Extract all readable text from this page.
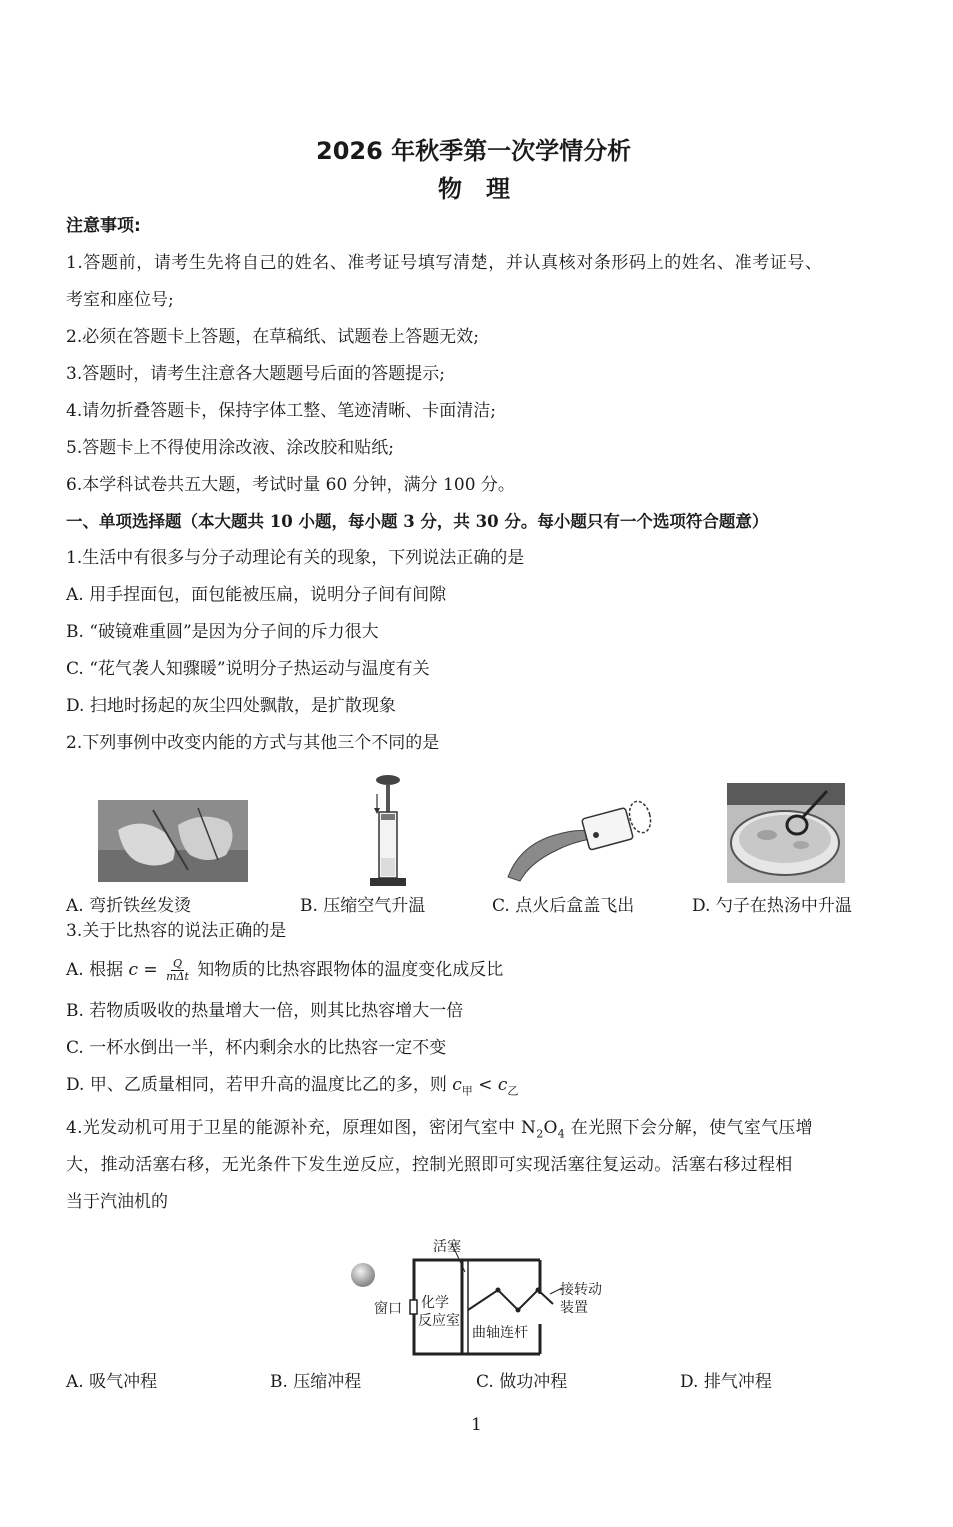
2026 年秋季第一次学情分析
物　理
注意事项:
1.答题前，请考生先将自己的姓名、准考证号填写清楚，并认真核对条形码上的姓名、准考证号、
考室和座位号;
2.必须在答题卡上答题，在草稿纸、试题卷上答题无效;
3.答题时，请考生注意各大题题号后面的答题提示;
4.请勿折叠答题卡，保持字体工整、笔迹清晰、卡面清洁;
5.答题卡上不得使用涂改液、涂改胶和贴纸;
6.本学科试卷共五大题，考试时量 60 分钟，满分 100 分。
一、单项选择题（本大题共 10 小题，每小题 3 分，共 30 分。每小题只有一个选项符合题意）
1.生活中有很多与分子动理论有关的现象，下列说法正确的是
A. 用手捏面包，面包能被压扁，说明分子间有间隙
B. “破镜难重圆”是因为分子间的斥力很大
C. “花气袭人知骤暖”说明分子热运动与温度有关
D. 扫地时扬起的灰尘四处飘散，是扩散现象
2.下列事例中改变内能的方式与其他三个不同的是
A. 弯折铁丝发烫	B. 压缩空气升温	C. 点火后盒盖飞出	D. 勺子在热汤中升温
3.关于比热容的说法正确的是
A. 根据 $c = \frac{Q}{\text{mΔt}}$ 知物质的比热容跟物体的温度变化成反比
B. 若物质吸收的热量增大一倍，则其比热容增大一倍
C. 一杯水倒出一半，杯内剩余水的比热容一定不变
D. 甲、乙质量相同，若甲升高的温度比乙的多，则 $c_甲 < c_乙$
4.光发动机可用于卫星的能源补充，原理如图，密闭气室中 $N_2O_4$ 在光照下会分解，使气室气压增
大，推动活塞右移，无光条件下发生逆反应，控制光照即可实现活塞往复运动。活塞右移过程相
当于汽油机的
活塞
窗口 化学
反应室
曲轴连杆
接转动
装置
A. 吸气冲程	B. 压缩冲程	C. 做功冲程	D. 排气冲程
1
